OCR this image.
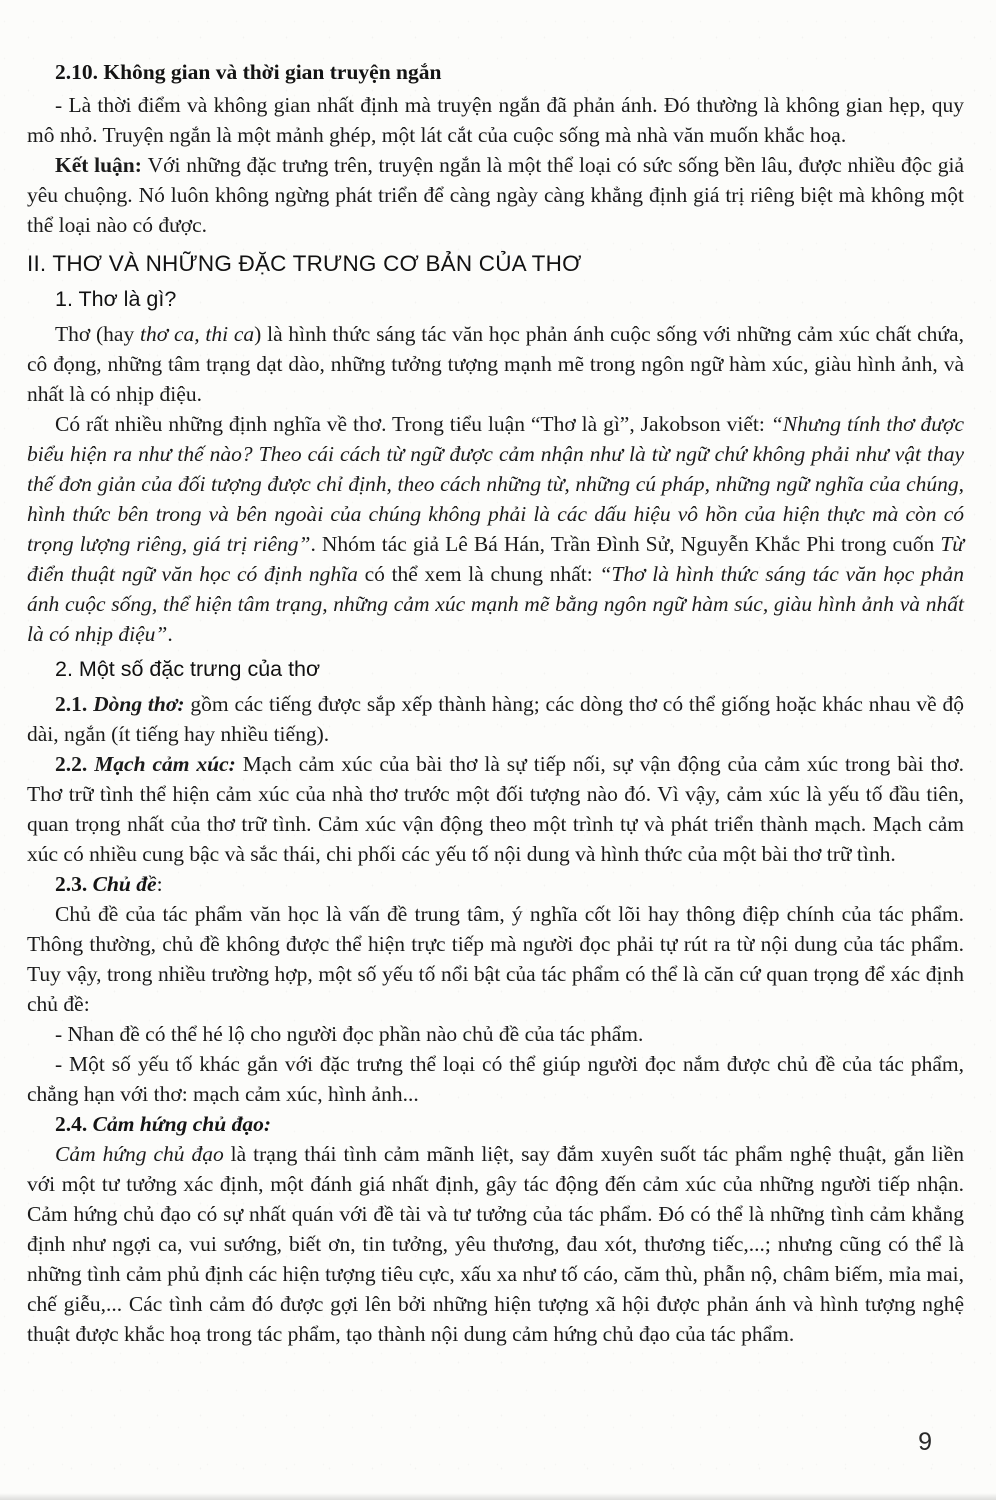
2.10. Không gian và thời gian truyện ngắn
- Là thời điểm và không gian nhất định mà truyện ngắn đã phản ánh. Đó thường là không gian hẹp, quy mô nhỏ. Truyện ngắn là một mảnh ghép, một lát cắt của cuộc sống mà nhà văn muốn khắc hoạ.
Kết luận: Với những đặc trưng trên, truyện ngắn là một thể loại có sức sống bền lâu, được nhiều độc giả yêu chuộng. Nó luôn không ngừng phát triển để càng ngày càng khẳng định giá trị riêng biệt mà không một thể loại nào có được.
II. THƠ VÀ NHỮNG ĐẶC TRƯNG CƠ BẢN CỦA THƠ
1. Thơ là gì?
Thơ (hay thơ ca, thi ca) là hình thức sáng tác văn học phản ánh cuộc sống với những cảm xúc chất chứa, cô đọng, những tâm trạng dạt dào, những tưởng tượng mạnh mẽ trong ngôn ngữ hàm xúc, giàu hình ảnh, và nhất là có nhịp điệu.
Có rất nhiều những định nghĩa về thơ. Trong tiểu luận “Thơ là gì”, Jakobson viết: “Nhưng tính thơ được biểu hiện ra như thế nào? Theo cái cách từ ngữ được cảm nhận như là từ ngữ chứ không phải như vật thay thế đơn giản của đối tượng được chỉ định, theo cách những từ, những cú pháp, những ngữ nghĩa của chúng, hình thức bên trong và bên ngoài của chúng không phải là các dấu hiệu vô hồn của hiện thực mà còn có trọng lượng riêng, giá trị riêng”. Nhóm tác giả Lê Bá Hán, Trần Đình Sử, Nguyễn Khắc Phi trong cuốn Từ điển thuật ngữ văn học có định nghĩa có thể xem là chung nhất: “Thơ là hình thức sáng tác văn học phản ánh cuộc sống, thể hiện tâm trạng, những cảm xúc mạnh mẽ bằng ngôn ngữ hàm súc, giàu hình ảnh và nhất là có nhịp điệu”.
2. Một số đặc trưng của thơ
2.1. Dòng thơ: gồm các tiếng được sắp xếp thành hàng; các dòng thơ có thể giống hoặc khác nhau về độ dài, ngắn (ít tiếng hay nhiều tiếng).
2.2. Mạch cảm xúc: Mạch cảm xúc của bài thơ là sự tiếp nối, sự vận động của cảm xúc trong bài thơ. Thơ trữ tình thể hiện cảm xúc của nhà thơ trước một đối tượng nào đó. Vì vậy, cảm xúc là yếu tố đầu tiên, quan trọng nhất của thơ trữ tình. Cảm xúc vận động theo một trình tự và phát triển thành mạch. Mạch cảm xúc có nhiều cung bậc và sắc thái, chi phối các yếu tố nội dung và hình thức của một bài thơ trữ tình.
2.3. Chủ đề:
Chủ đề của tác phẩm văn học là vấn đề trung tâm, ý nghĩa cốt lõi hay thông điệp chính của tác phẩm. Thông thường, chủ đề không được thể hiện trực tiếp mà người đọc phải tự rút ra từ nội dung của tác phẩm. Tuy vậy, trong nhiều trường hợp, một số yếu tố nổi bật của tác phẩm có thể là căn cứ quan trọng để xác định chủ đề:
- Nhan đề có thể hé lộ cho người đọc phần nào chủ đề của tác phẩm.
- Một số yếu tố khác gắn với đặc trưng thể loại có thể giúp người đọc nắm được chủ đề của tác phẩm, chẳng hạn với thơ: mạch cảm xúc, hình ảnh...
2.4. Cảm hứng chủ đạo:
Cảm hứng chủ đạo là trạng thái tình cảm mãnh liệt, say đắm xuyên suốt tác phẩm nghệ thuật, gắn liền với một tư tưởng xác định, một đánh giá nhất định, gây tác động đến cảm xúc của những người tiếp nhận. Cảm hứng chủ đạo có sự nhất quán với đề tài và tư tưởng của tác phẩm. Đó có thể là những tình cảm khẳng định như ngợi ca, vui sướng, biết ơn, tin tưởng, yêu thương, đau xót, thương tiếc,...; nhưng cũng có thể là những tình cảm phủ định các hiện tượng tiêu cực, xấu xa như tố cáo, căm thù, phẫn nộ, châm biếm, mỉa mai, chế giễu,... Các tình cảm đó được gợi lên bởi những hiện tượng xã hội được phản ánh và hình tượng nghệ thuật được khắc hoạ trong tác phẩm, tạo thành nội dung cảm hứng chủ đạo của tác phẩm.
9
